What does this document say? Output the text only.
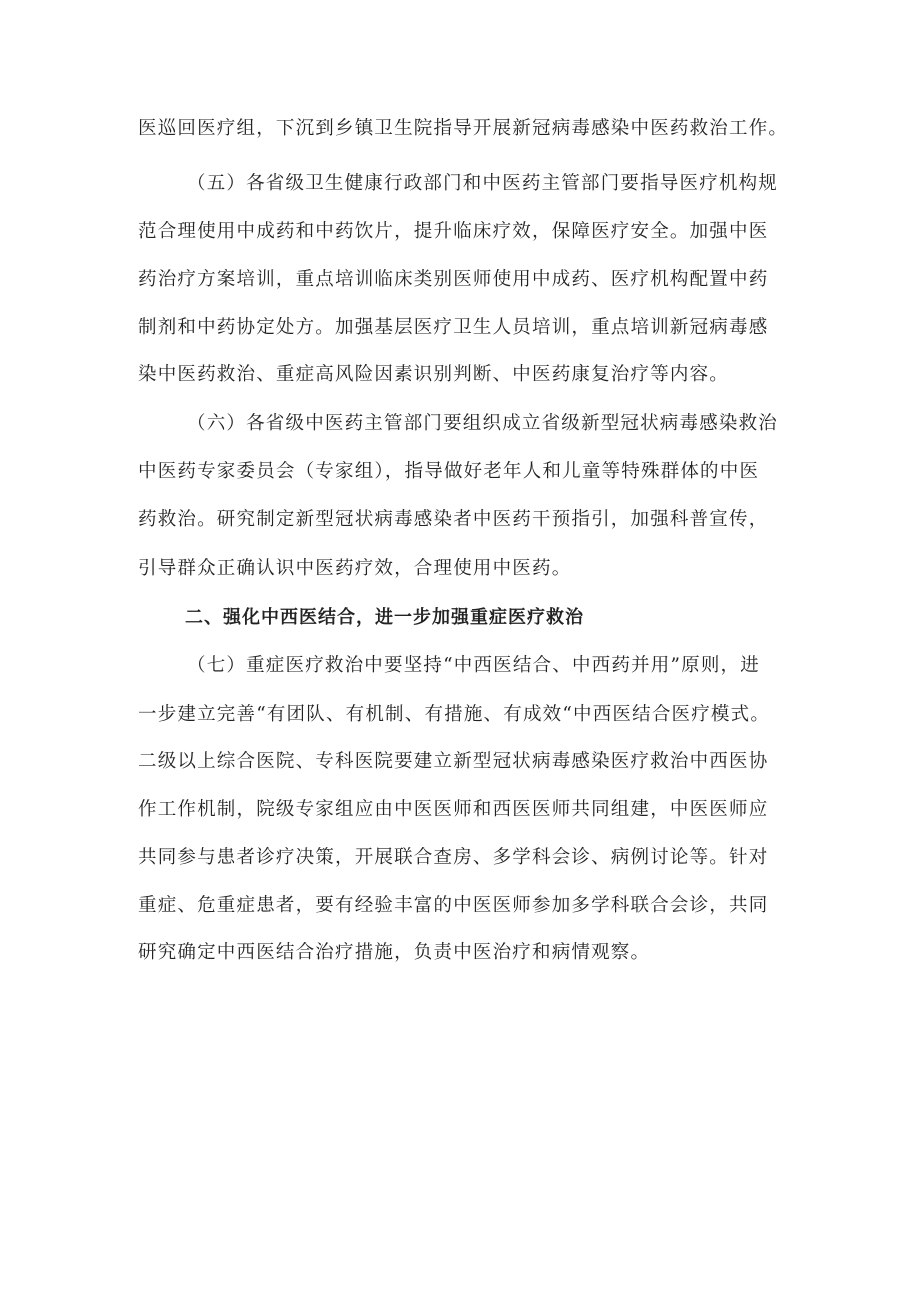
医巡回医疗组，下沉到乡镇卫生院指导开展新冠病毒感染中医药救治工作。
（五）各省级卫生健康行政部门和中医药主管部门要指导医疗机构规
范合理使用中成药和中药饮片，提升临床疗效，保障医疗安全。加强中医
药治疗方案培训，重点培训临床类别医师使用中成药、医疗机构配置中药
制剂和中药协定处方。加强基层医疗卫生人员培训，重点培训新冠病毒感
染中医药救治、重症高风险因素识别判断、中医药康复治疗等内容。
（六）各省级中医药主管部门要组织成立省级新型冠状病毒感染救治
中医药专家委员会（专家组），指导做好老年人和儿童等特殊群体的中医
药救治。研究制定新型冠状病毒感染者中医药干预指引，加强科普宣传，
引导群众正确认识中医药疗效，合理使用中医药。
二、强化中西医结合，进一步加强重症医疗救治
（七）重症医疗救治中要坚持“中西医结合、中西药并用”原则，进
一步建立完善“有团队、有机制、有措施、有成效“中西医结合医疗模式。
二级以上综合医院、专科医院要建立新型冠状病毒感染医疗救治中西医协
作工作机制，院级专家组应由中医医师和西医医师共同组建，中医医师应
共同参与患者诊疗决策，开展联合查房、多学科会诊、病例讨论等。针对
重症、危重症患者，要有经验丰富的中医医师参加多学科联合会诊，共同
研究确定中西医结合治疗措施，负责中医治疗和病情观察。
